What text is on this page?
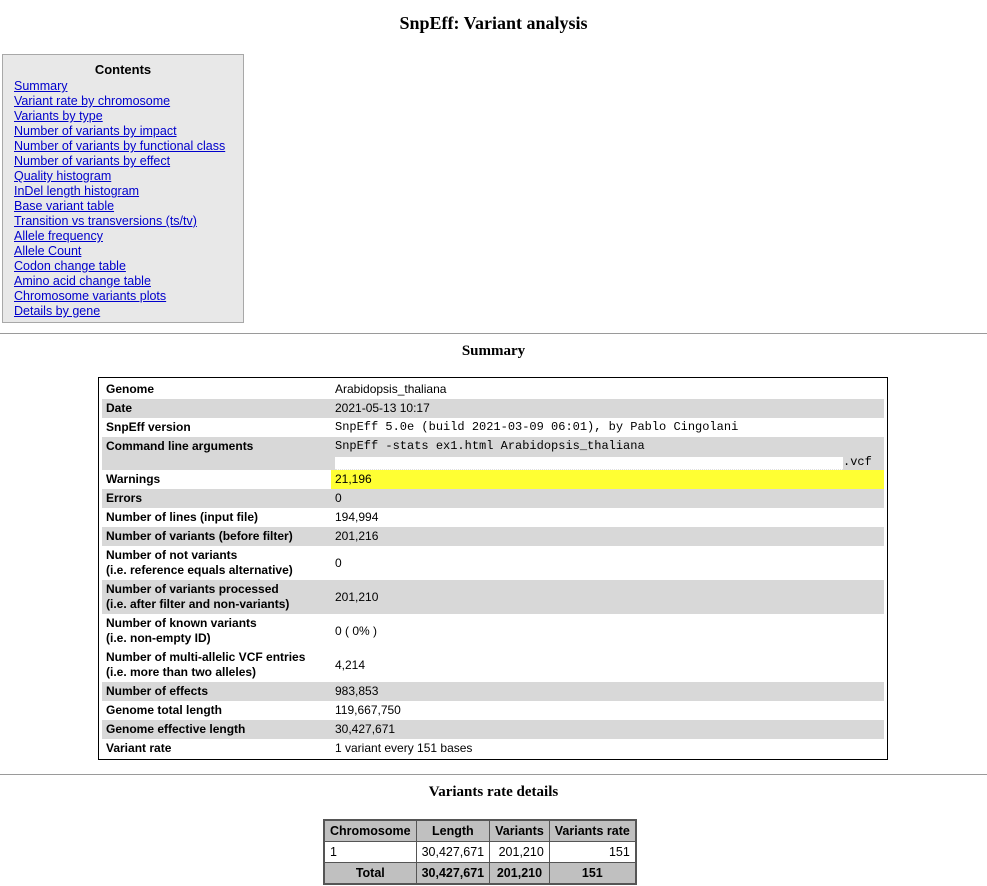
SnpEff: Variant analysis
Contents
Summary
Variant rate by chromosome
Variants by type
Number of variants by impact
Number of variants by functional class
Number of variants by effect
Quality histogram
InDel length histogram
Base variant table
Transition vs transversions (ts/tv)
Allele frequency
Allele Count
Codon change table
Amino acid change table
Chromosome variants plots
Details by gene
Summary
Genome	Arabidopsis_thaliana
Date	2021-05-13 10:17
SnpEff version	SnpEff 5.0e (build 2021-03-09 06:01), by Pablo Cingolani
Command line arguments	SnpEff -stats ex1.html Arabidopsis_thaliana
.vcf

Warnings	21,196
Errors	0
Number of lines (input file)	194,994
Number of variants (before filter)	201,216

Number of not variants
(i.e. reference equals alternative)	0

Number of variants processed
(i.e. after filter and non-variants)	201,210

Number of known variants
(i.e. non-empty ID)	0 ( 0% )

Number of multi-allelic VCF entries
(i.e. more than two alleles)	4,214
Number of effects	983,853
Genome total length	119,667,750
Genome effective length	30,427,671
Variant rate	1 variant every 151 bases
Variants rate details
Chromosome	Length	Variants	Variants rate
1	30,427,671	201,210	151
Total	30,427,671	201,210	151
